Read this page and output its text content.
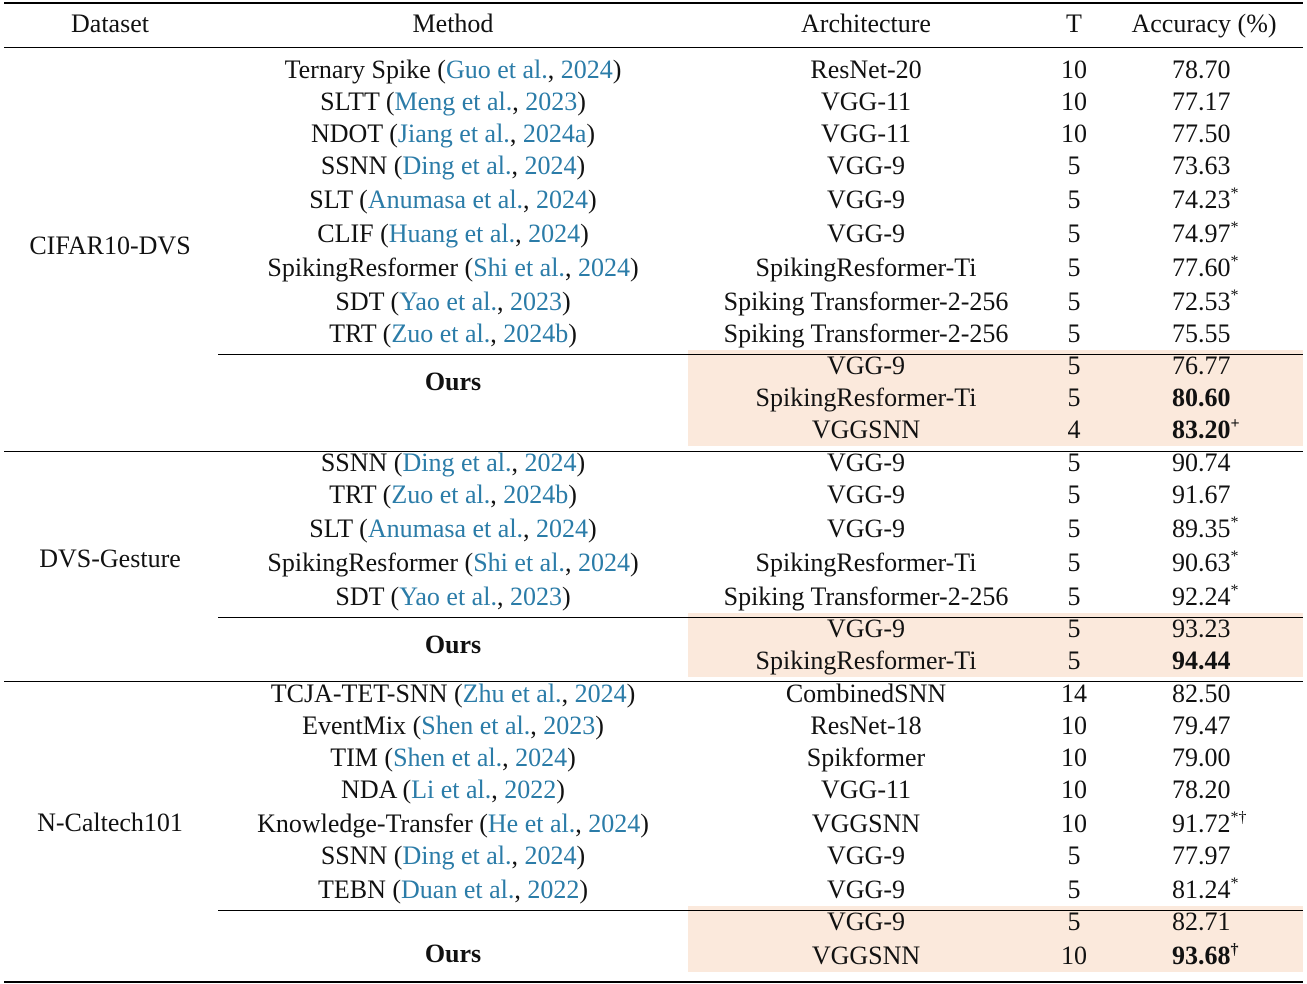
Dataset	Method	Architecture	T Accuracy (%)
CIFAR10-DVS
Ternary Spike (Guo et al., 2024)	ResNet-20	10	78.70
SLTT (Meng et al., 2023)	VGG-11	10	77.17
NDOT (Jiang et al., 2024a)	VGG-11	10	77.50
SSNN (Ding et al., 2024)	VGG-9	5	73.63
SLT (Anumasa et al., 2024)	VGG-9	5	74.23*
CLIF (Huang et al., 2024)	VGG-9	5	74.97*
SpikingResformer (Shi et al., 2024)	SpikingResformer-Ti	5	77.60*
SDT (Yao et al., 2023)	Spiking Transformer-2-256 5	72.53*
TRT (Zuo et al., 2024b)	Spiking Transformer-2-256 5	75.55
Ours
VGG-9	5	76.77
SpikingResformer-Ti	5	80.60
VGGSNN	4	83.20+
DVS-Gesture
SSNN (Ding et al., 2024)	VGG-9	5	90.74
TRT (Zuo et al., 2024b)	VGG-9	5	91.67
SLT (Anumasa et al., 2024)	VGG-9	5	89.35*
SpikingResformer (Shi et al., 2024)	SpikingResformer-Ti	5	90.63*
SDT (Yao et al., 2023)	Spiking Transformer-2-256 5	92.24*
Ours
VGG-9	5	93.23
SpikingResformer-Ti	5	94.44
N-Caltech101
TCJA-TET-SNN (Zhu et al., 2024)	CombinedSNN	14	82.50
EventMix (Shen et al., 2023)	ResNet-18	10	79.47
TIM (Shen et al., 2024)	Spikformer	10	79.00
NDA (Li et al., 2022)	VGG-11	10	78.20
Knowledge-Transfer (He et al., 2024)	VGGSNN	10	91.72*†
SSNN (Ding et al., 2024)	VGG-9	5	77.97
TEBN (Duan et al., 2022)	VGG-9	5	81.24*
Ours
VGG-9	5	82.71
VGGSNN	10	93.68†
